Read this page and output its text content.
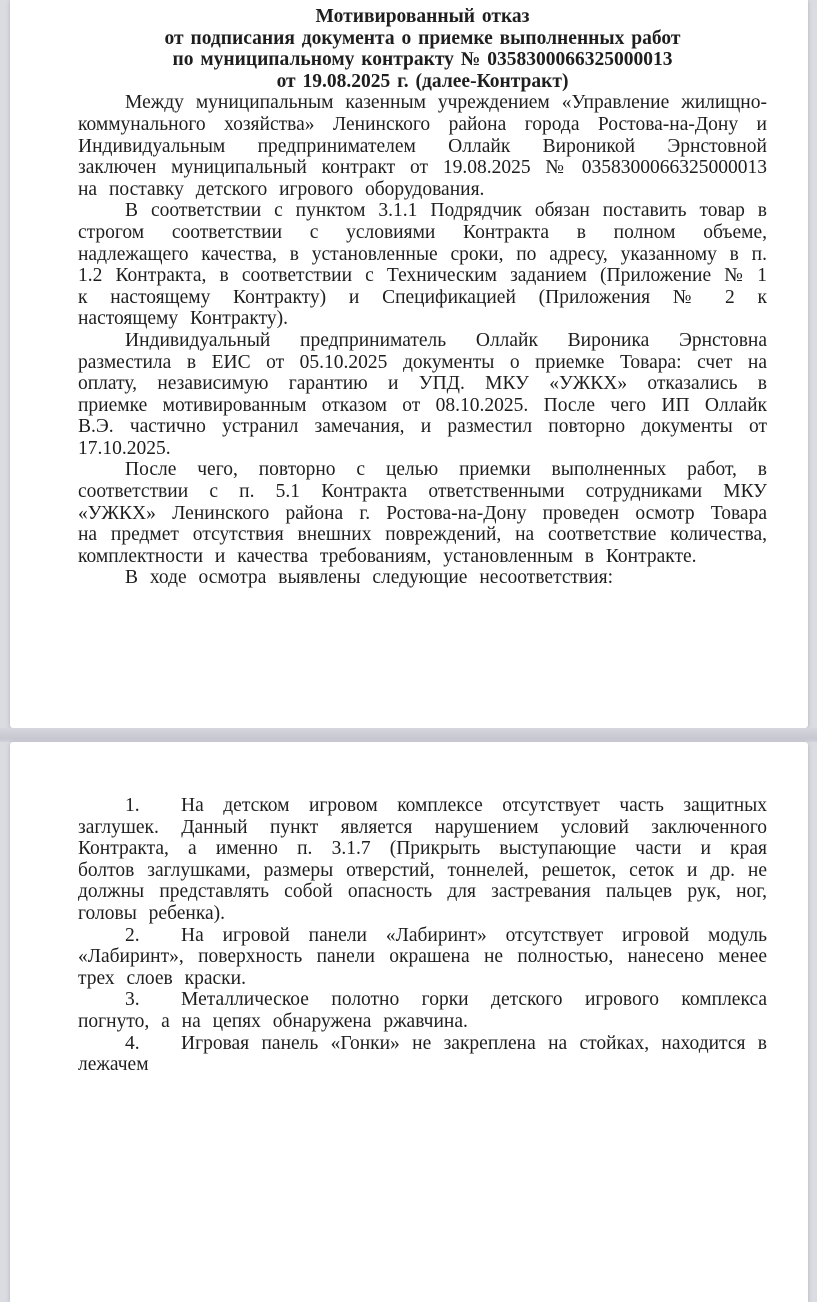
Мотивированный отказ

от подписания документа о приемке выполненных работ

по муниципальному контракту № 0358300066325000013

от 19.08.2025 г. (далее-Контракт)

Между муниципальным казенным учреждением «Управление жилищно-коммунального хозяйства» Ленинского района города Ростова-на-Дону и Индивидуальным предпринимателем Оллайк Вироникой Эрнстовной заключен муниципальный контракт от 19.08.2025 № 0358300066325000013 на поставку детского игрового оборудования.

В соответствии с пунктом 3.1.1 Подрядчик обязан поставить товар в строгом соответствии с условиями Контракта в полном объеме, надлежащего качества, в установленные сроки, по адресу, указанному в п. 1.2 Контракта, в соответствии с Техническим заданием (Приложение № 1 к настоящему Контракту) и Спецификацией (Приложения № 2 к настоящему Контракту).

Индивидуальный предприниматель Оллайк Вироника Эрнстовна разместила в ЕИС от 05.10.2025 документы о приемке Товара: счет на оплату, независимую гарантию и УПД. МКУ «УЖКХ» отказались в приемке мотивированным отказом от 08.10.2025. После чего ИП Оллайк В.Э. частично устранил замечания, и разместил повторно документы от 17.10.2025.

После чего, повторно с целью приемки выполненных работ, в соответствии с п. 5.1 Контракта ответственными сотрудниками МКУ «УЖКХ» Ленинского района г. Ростова-на-Дону проведен осмотр Товара на предмет отсутствия внешних повреждений, на соответствие количества, комплектности и качества требованиям, установленным в Контракте.

В ходе осмотра выявлены следующие несоответствия:

1. На детском игровом комплексе отсутствует часть защитных заглушек. Данный пункт является нарушением условий заключенного Контракта, а именно п. 3.1.7 (Прикрыть выступающие части и края болтов заглушками, размеры отверстий, тоннелей, решеток, сеток и др. не должны представлять собой опасность для застревания пальцев рук, ног, головы ребенка).

2. На игровой панели «Лабиринт» отсутствует игровой модуль «Лабиринт», поверхность панели окрашена не полностью, нанесено менее трех слоев краски.

3. Металлическое полотно горки детского игрового комплекса погнуто, а на цепях обнаружена ржавчина.

4. Игровая панель «Гонки» не закреплена на стойках, находится в лежачем
